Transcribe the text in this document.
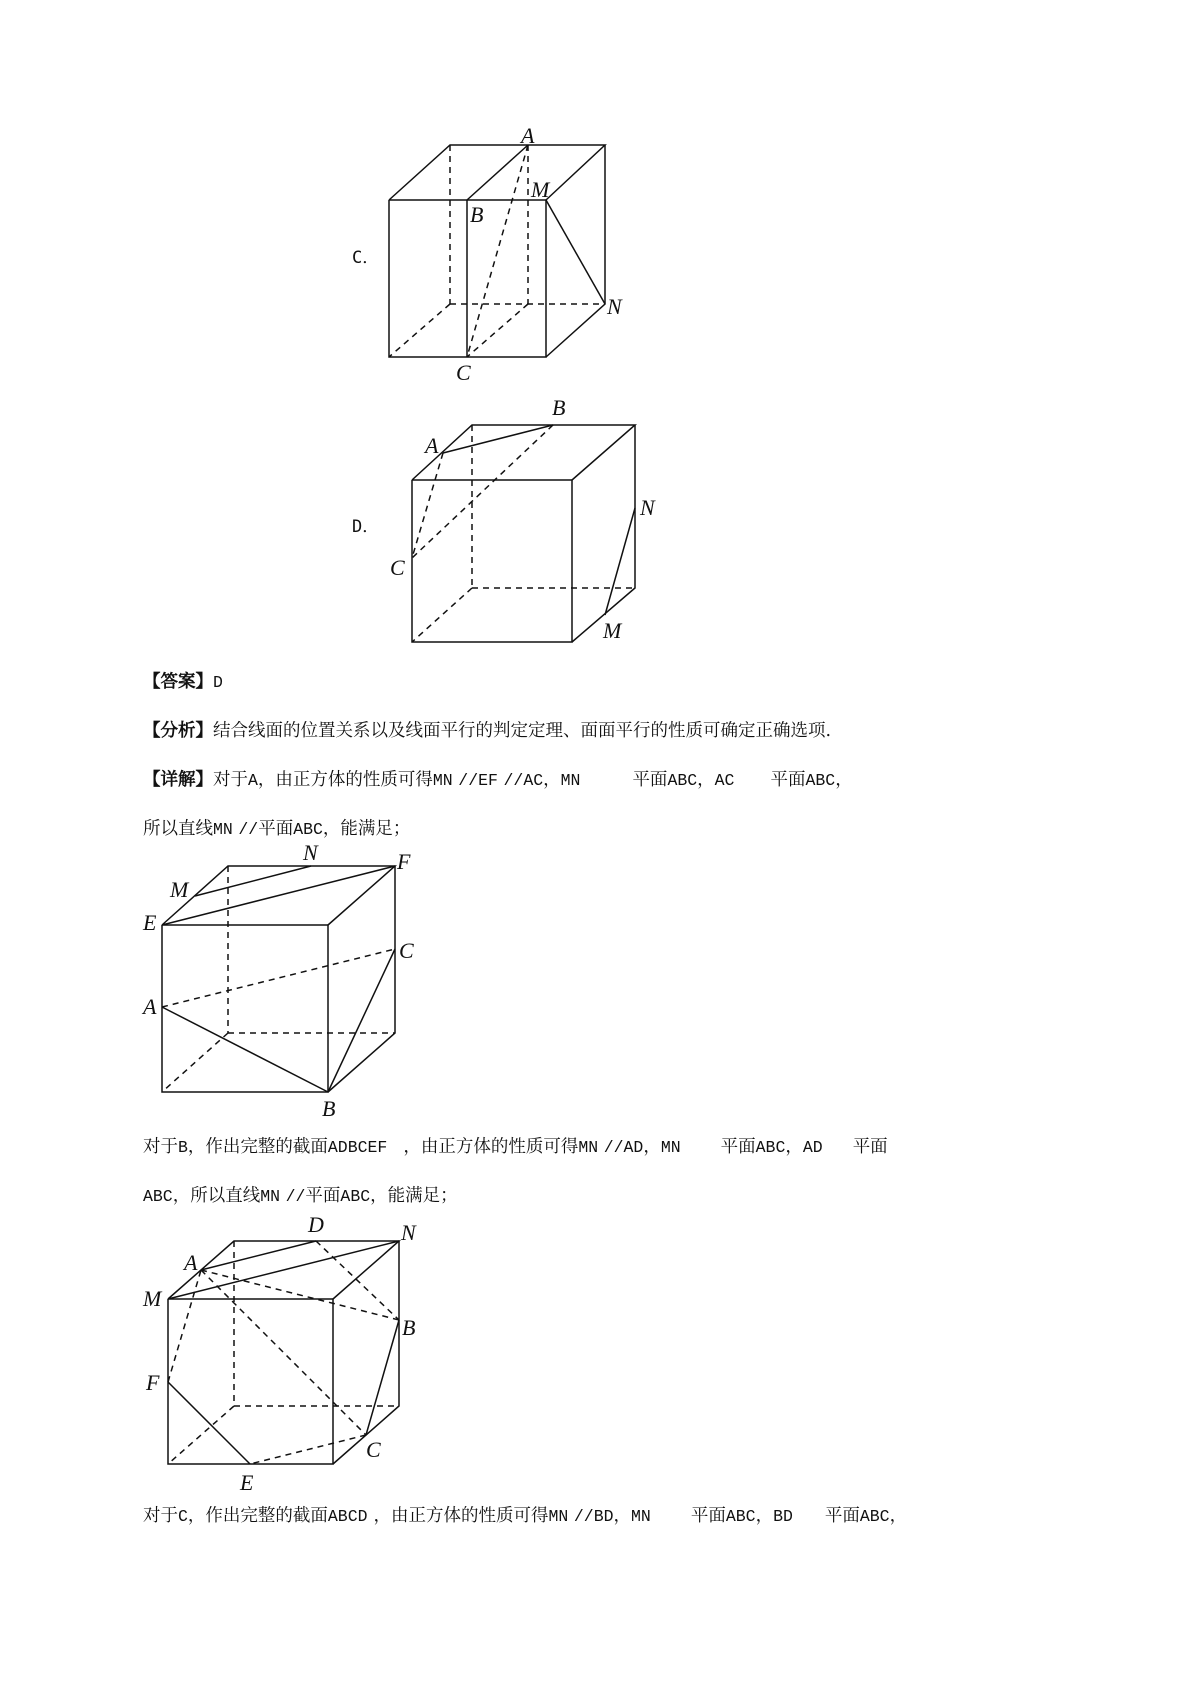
C．
A
B
M
N
C
D．
A
B
N
C
M
【答案】D
【分析】结合线面的位置关系以及线面平行的判定定理、面面平行的性质可确定正确选项.
【详解】对于A，由正方体的性质可得MN //EF //AC，MN	平面ABC，AC 平面ABC，
所以直线MN //平面ABC，能满足；
M
N	F
E
C
A
B
对于B，作出完整的截面ADBCEF ，由正方体的性质可得MN //AD，MN 平面ABC，AD 平面
ABC，所以直线MN //平面ABC，能满足；
D	N
A
M
B
F
C
E
对于C，作出完整的截面ABCD ，由正方体的性质可得MN //BD，MN 平面ABC，BD 平面ABC，
